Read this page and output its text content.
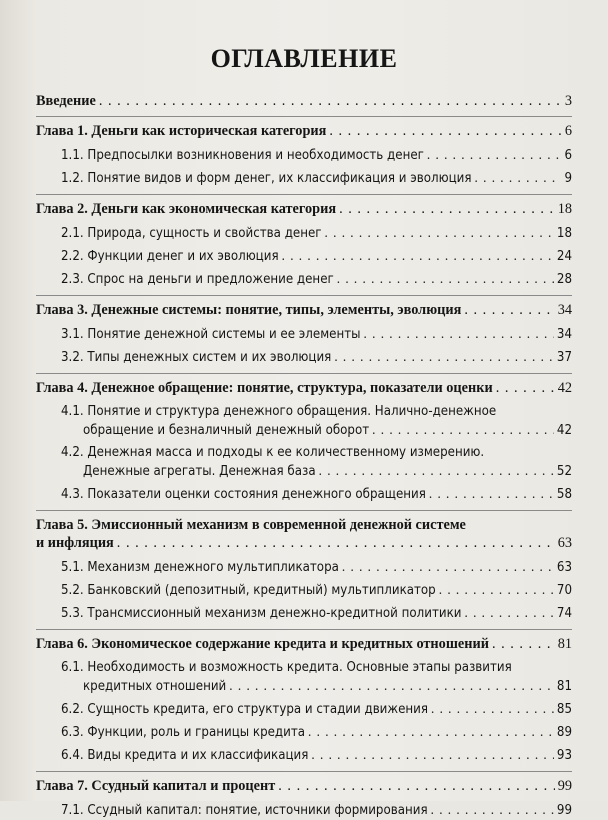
ОГЛАВЛЕНИЕ
Введение . . .	3
Глава 1. Деньги как историческая категория . . .	6
1.1. Предпосылки возникновения и необходимость денег . . .	6
1.2. Понятие видов и форм денег, их классификация и эволюция . . .	9
Глава 2. Деньги как экономическая категория . . .	18
2.1. Природа, сущность и свойства денег . . .	18
2.2. Функции денег и их эволюция . . .	24
2.3. Спрос на деньги и предложение денег . . .	28
Глава 3. Денежные системы: понятие, типы, элементы, эволюция . . .	34
3.1. Понятие денежной системы и ее элементы . . .	34
3.2. Типы денежных систем и их эволюция . . .	37
Глава 4. Денежное обращение: понятие, структура, показатели оценки . . .	42
4.1. Понятие и структура денежного обращения. Налично-денежное
обращение и безналичный денежный оборот . . .	42
4.2. Денежная масса и подходы к ее количественному измерению.
Денежные агрегаты. Денежная база . . .	52
4.3. Показатели оценки состояния денежного обращения . . .	58
Глава 5. Эмиссионный механизм в современной денежной системе
и инфляция . . .	63
5.1. Механизм денежного мультипликатора . . .	63
5.2. Банковский (депозитный, кредитный) мультипликатор . . .	70
5.3. Трансмиссионный механизм денежно-кредитной политики . . .	74
Глава 6. Экономическое содержание кредита и кредитных отношений . . .	81
6.1. Необходимость и возможность кредита. Основные этапы развития
кредитных отношений . . .	81
6.2. Сущность кредита, его структура и стадии движения . . .	85
6.3. Функции, роль и границы кредита . . .	89
6.4. Виды кредита и их классификация . . .	93
Глава 7. Ссудный капитал и процент . . .	99
7.1. Ссудный капитал: понятие, источники формирования . . .	99
